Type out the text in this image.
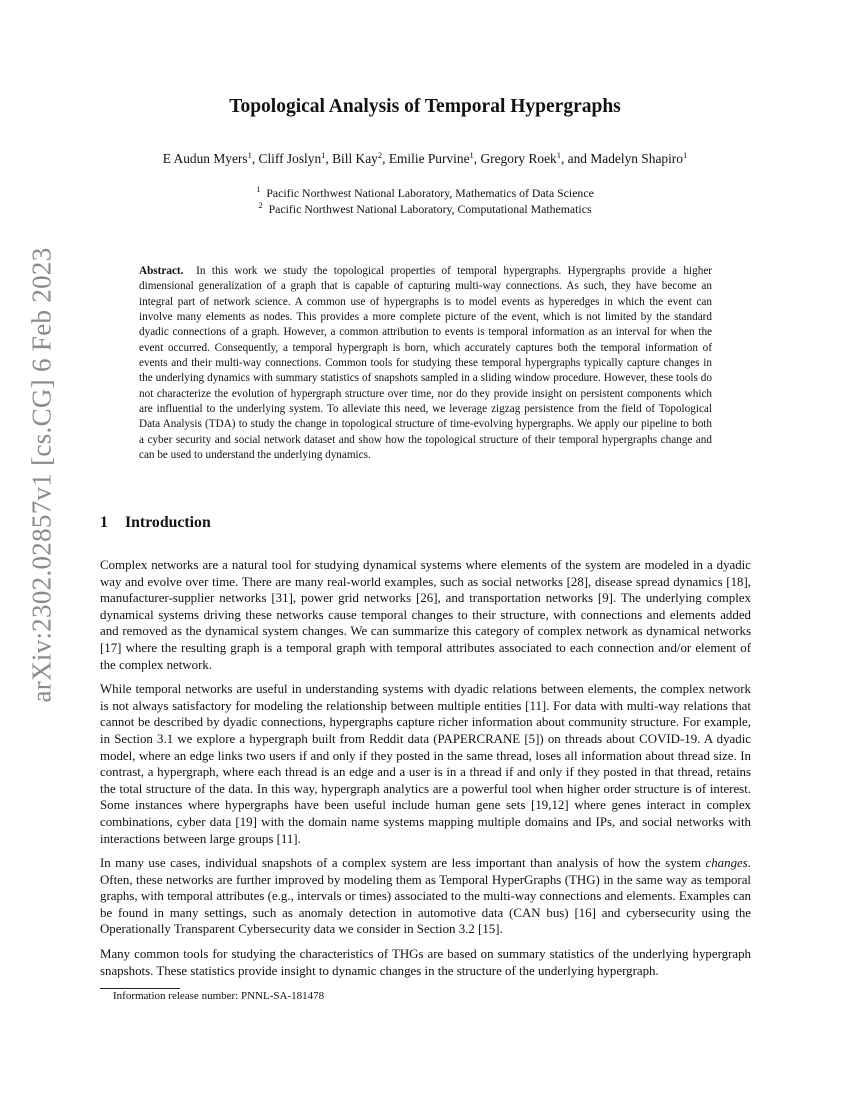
arXiv:2302.02857v1 [cs.CG] 6 Feb 2023
Topological Analysis of Temporal Hypergraphs
E Audun Myers$^1$, Cliff Joslyn$^1$, Bill Kay$^2$, Emilie Purvine$^1$, Gregory Roek$^1$, and Madelyn Shapiro$^1$
$^1$ Pacific Northwest National Laboratory, Mathematics of Data Science
$^2$ Pacific Northwest National Laboratory, Computational Mathematics
Abstract. In this work we study the topological properties of temporal hypergraphs. Hypergraphs provide a higher dimensional generalization of a graph that is capable of capturing multi-way connections. As such, they have become an integral part of network science. A common use of hypergraphs is to model events as hyperedges in which the event can involve many elements as nodes. This provides a more complete picture of the event, which is not limited by the standard dyadic connections of a graph. However, a common attribution to events is temporal information as an interval for when the event occurred. Consequently, a temporal hypergraph is born, which accurately captures both the temporal information of events and their multi-way connections. Common tools for studying these temporal hypergraphs typically capture changes in the underlying dynamics with summary statistics of snapshots sampled in a sliding window procedure. However, these tools do not characterize the evolution of hypergraph structure over time, nor do they provide insight on persistent components which are influential to the underlying system. To alleviate this need, we leverage zigzag persistence from the field of Topological Data Analysis (TDA) to study the change in topological structure of time-evolving hypergraphs. We apply our pipeline to both a cyber security and social network dataset and show how the topological structure of their temporal hypergraphs change and can be used to understand the underlying dynamics.
1 Introduction

Complex networks are a natural tool for studying dynamical systems where elements of the system are modeled in a dyadic way and evolve over time. There are many real-world examples, such as social networks [28], disease spread dynamics [18], manufacturer-supplier networks [31], power grid networks [26], and transportation networks [9]. The underlying complex dynamical systems driving these networks cause temporal changes to their structure, with connections and elements added and removed as the dynamical system changes. We can summarize this category of complex network as dynamical networks [17] where the resulting graph is a temporal graph with temporal attributes associated to each connection and/or element of the complex network.

While temporal networks are useful in understanding systems with dyadic relations between elements, the complex network is not always satisfactory for modeling the relationship between multiple entities [11]. For data with multi-way relations that cannot be described by dyadic connections, hypergraphs capture richer information about community structure. For example, in Section 3.1 we explore a hypergraph built from Reddit data (PAPERCRANE [5]) on threads about COVID-19. A dyadic model, where an edge links two users if and only if they posted in the same thread, loses all information about thread size. In contrast, a hypergraph, where each thread is an edge and a user is in a thread if and only if they posted in that thread, retains the total structure of the data. In this way, hypergraph analytics are a powerful tool when higher order structure is of interest. Some instances where hypergraphs have been useful include human gene sets [19,12] where genes interact in complex combinations, cyber data [19] with the domain name systems mapping multiple domains and IPs, and social networks with interactions between large groups [11].

In many use cases, individual snapshots of a complex system are less important than analysis of how the system changes. Often, these networks are further improved by modeling them as Temporal HyperGraphs (THG) in the same way as temporal graphs, with temporal attributes (e.g., intervals or times) associated to the multi-way connections and elements. Examples can be found in many settings, such as anomaly detection in automotive data (CAN bus) [16] and cybersecurity using the Operationally Transparent Cybersecurity data we consider in Section 3.2 [15].

Many common tools for studying the characteristics of THGs are based on summary statistics of the underlying hypergraph snapshots. These statistics provide insight to dynamic changes in the structure of the underlying hypergraph.

Information release number: PNNL-SA-181478
